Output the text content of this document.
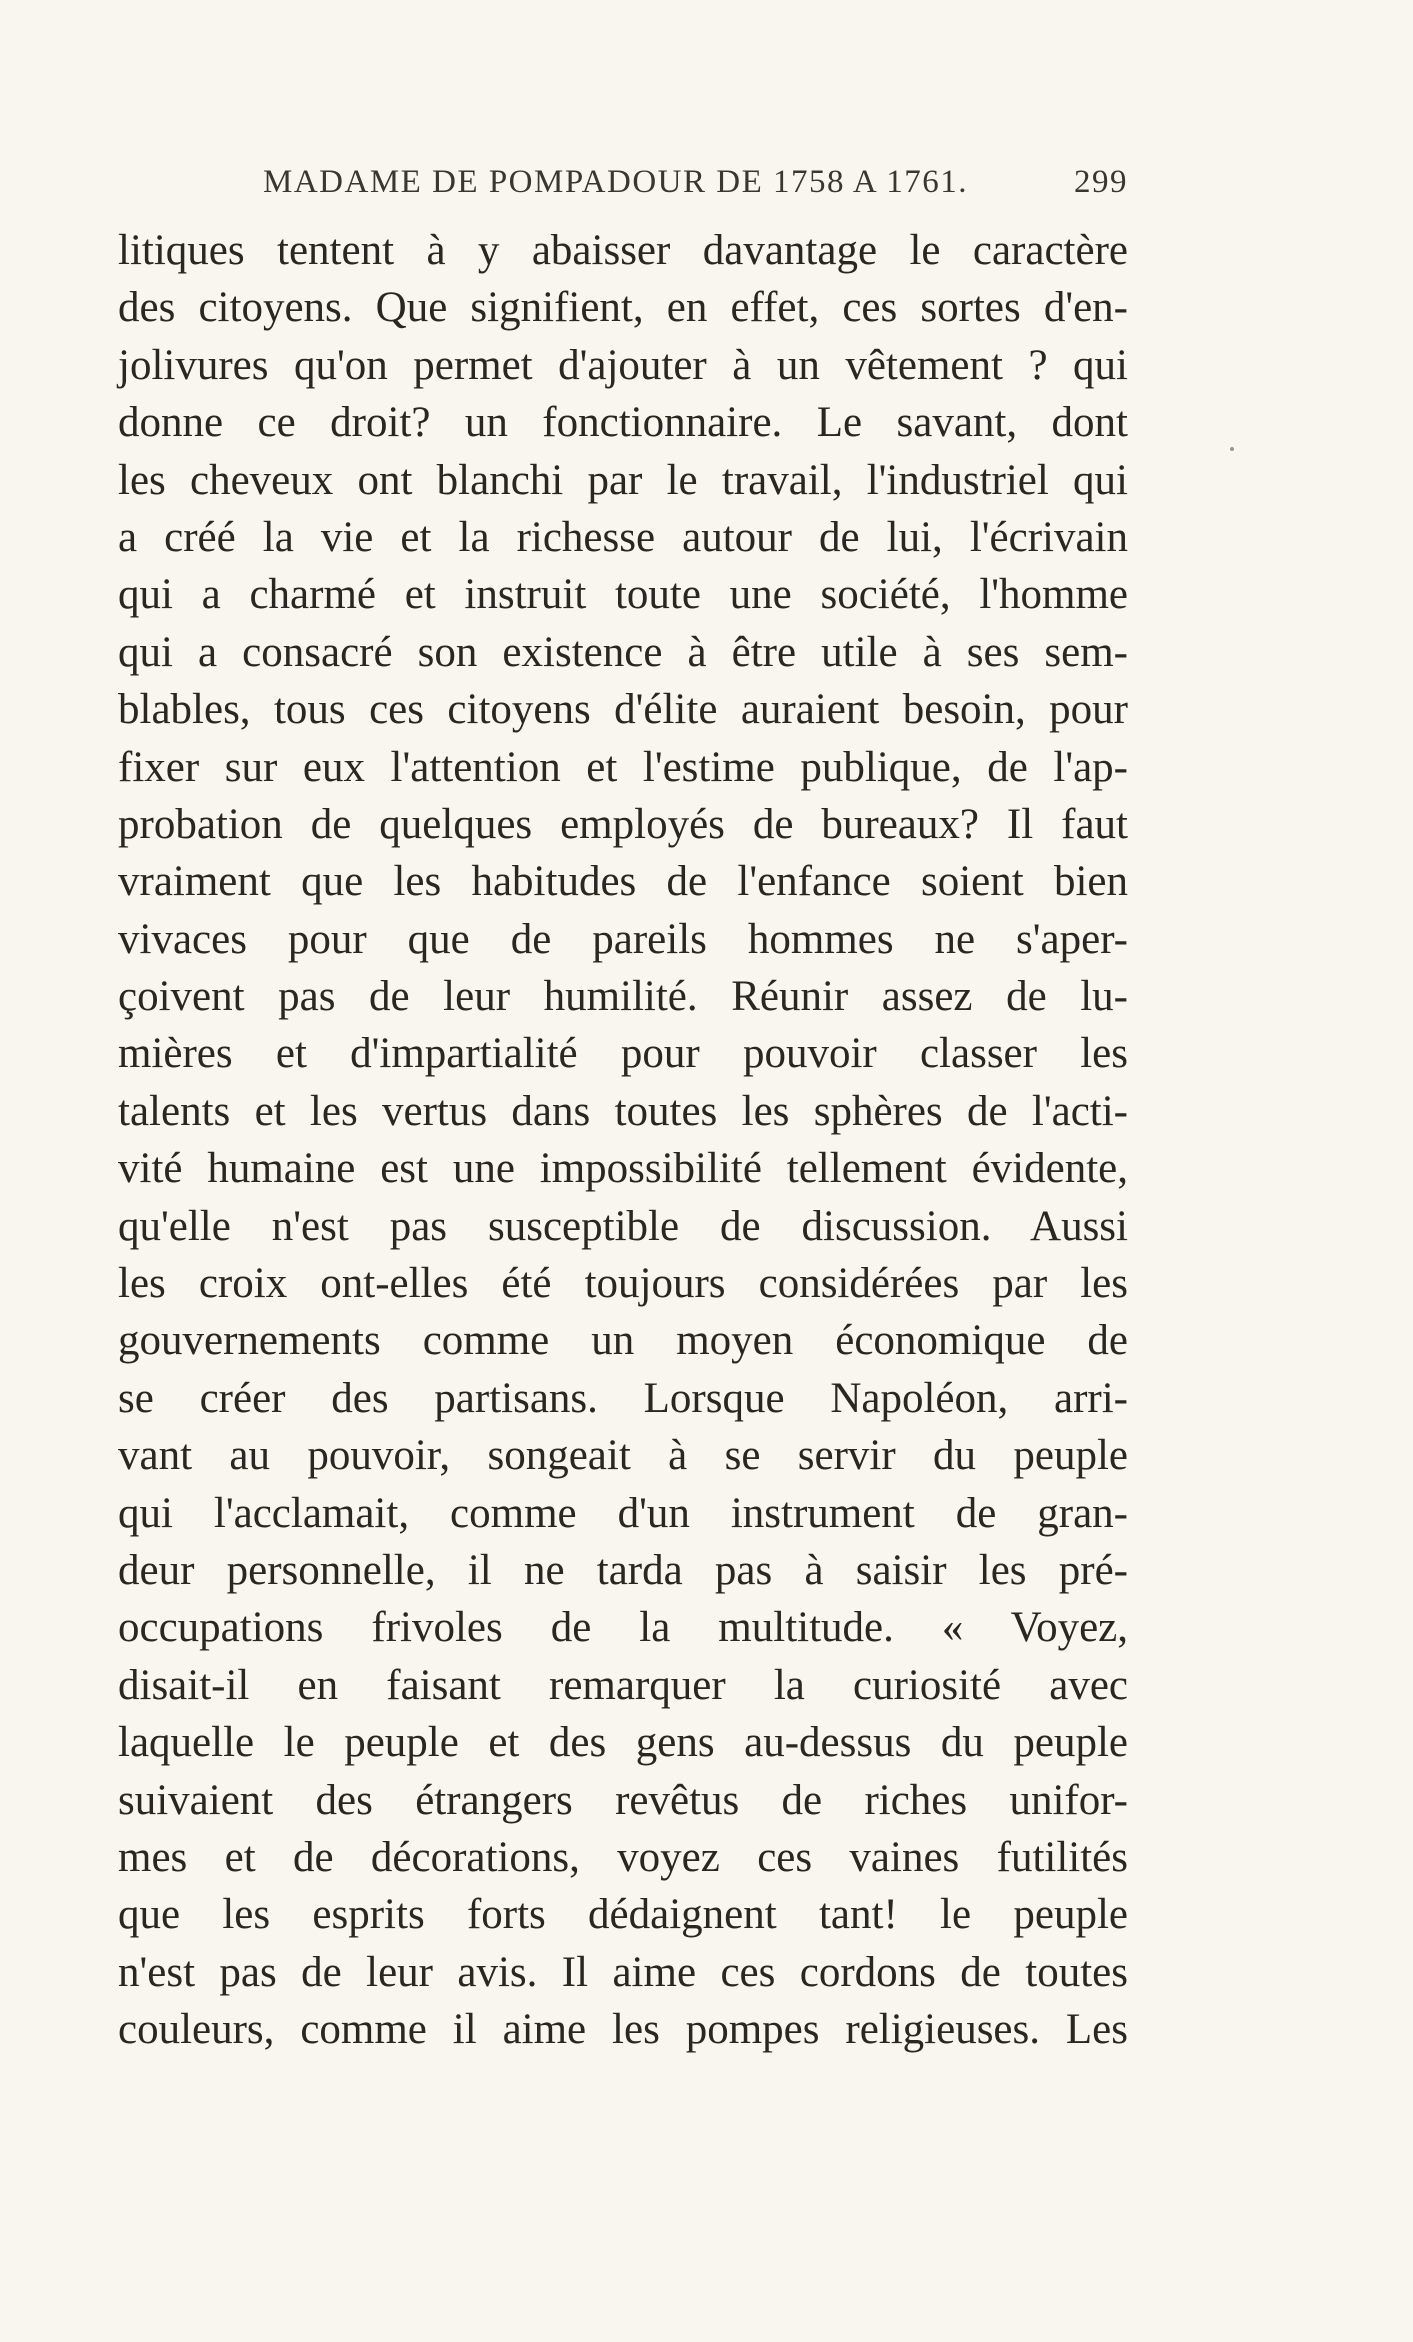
MADAME DE POMPADOUR DE 1758 A 1761.	299
litiques tentent à y abaisser davantage le caractère
des citoyens. Que signifient, en effet, ces sortes d'en-
jolivures qu'on permet d'ajouter à un vêtement ? qui
donne ce droit? un fonctionnaire. Le savant, dont
les cheveux ont blanchi par le travail, l'industriel qui
a créé la vie et la richesse autour de lui, l'écrivain
qui a charmé et instruit toute une société, l'homme
qui a consacré son existence à être utile à ses sem-
blables, tous ces citoyens d'élite auraient besoin, pour
fixer sur eux l'attention et l'estime publique, de l'ap-
probation de quelques employés de bureaux? Il faut
vraiment que les habitudes de l'enfance soient bien
vivaces pour que de pareils hommes ne s'aper-
çoivent pas de leur humilité. Réunir assez de lu-
mières et d'impartialité pour pouvoir classer les
talents et les vertus dans toutes les sphères de l'acti-
vité humaine est une impossibilité tellement évidente,
qu'elle n'est pas susceptible de discussion. Aussi
les croix ont-elles été toujours considérées par les
gouvernements comme un moyen économique de
se créer des partisans. Lorsque Napoléon, arri-
vant au pouvoir, songeait à se servir du peuple
qui l'acclamait, comme d'un instrument de gran-
deur personnelle, il ne tarda pas à saisir les pré-
occupations frivoles de la multitude. « Voyez,
disait-il en faisant remarquer la curiosité avec
laquelle le peuple et des gens au-dessus du peuple
suivaient des étrangers revêtus de riches unifor-
mes et de décorations, voyez ces vaines futilités
que les esprits forts dédaignent tant! le peuple
n'est pas de leur avis. Il aime ces cordons de toutes
couleurs, comme il aime les pompes religieuses. Les
